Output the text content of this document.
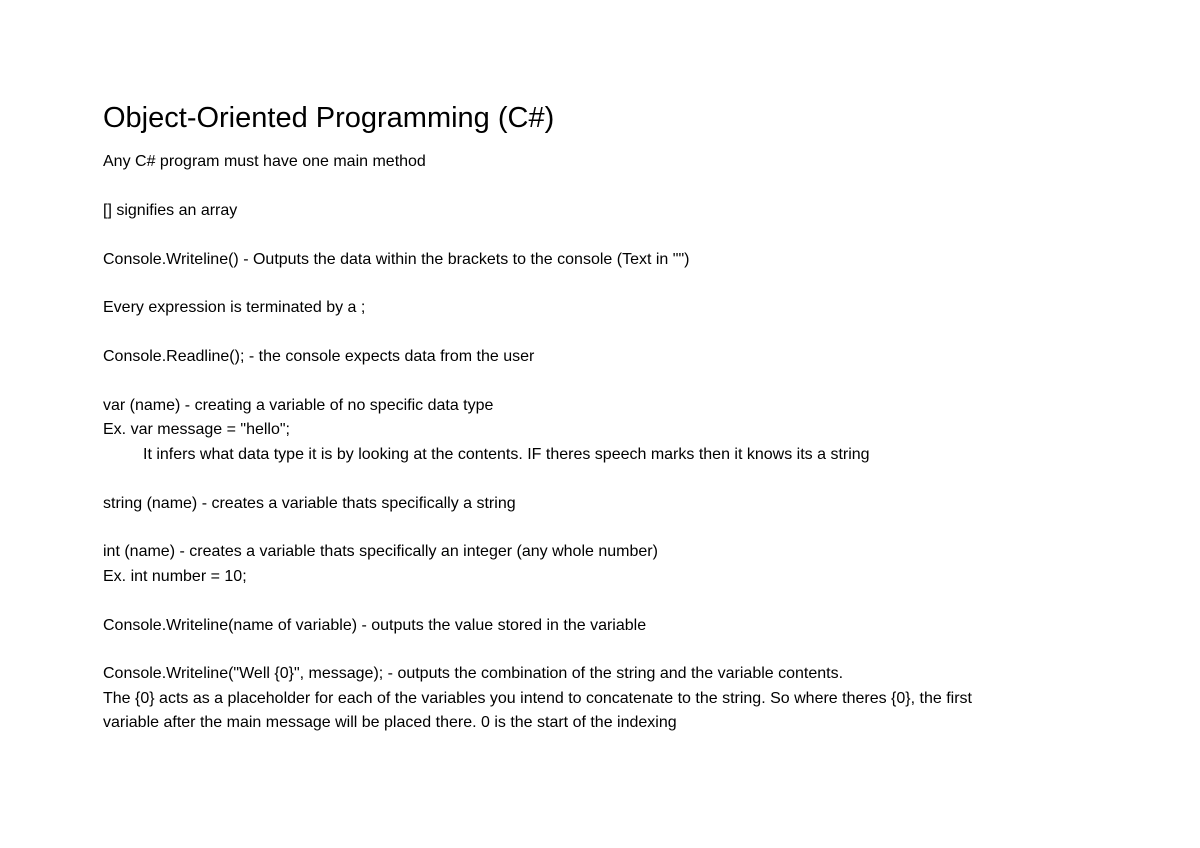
Object-Oriented Programming (C#)
Any C# program must have one main method
[] signifies an array
Console.Writeline() - Outputs the data within the brackets to the console (Text in "")
Every expression is terminated by a ;
Console.Readline(); - the console expects data from the user
var (name) - creating a variable of no specific data type
Ex. var message = "hello";
It infers what data type it is by looking at the contents. IF theres speech marks then it knows its a string
string (name) - creates a variable thats specifically a string
int (name) - creates a variable thats specifically an integer (any whole number)
Ex. int number = 10;
Console.Writeline(name of variable) - outputs the value stored in the variable
Console.Writeline("Well {0}", message); - outputs the combination of the string and the variable contents.
The {0} acts as a placeholder for each of the variables you intend to concatenate to the string. So where theres {0}, the first
variable after the main message will be placed there. 0 is the start of the indexing
